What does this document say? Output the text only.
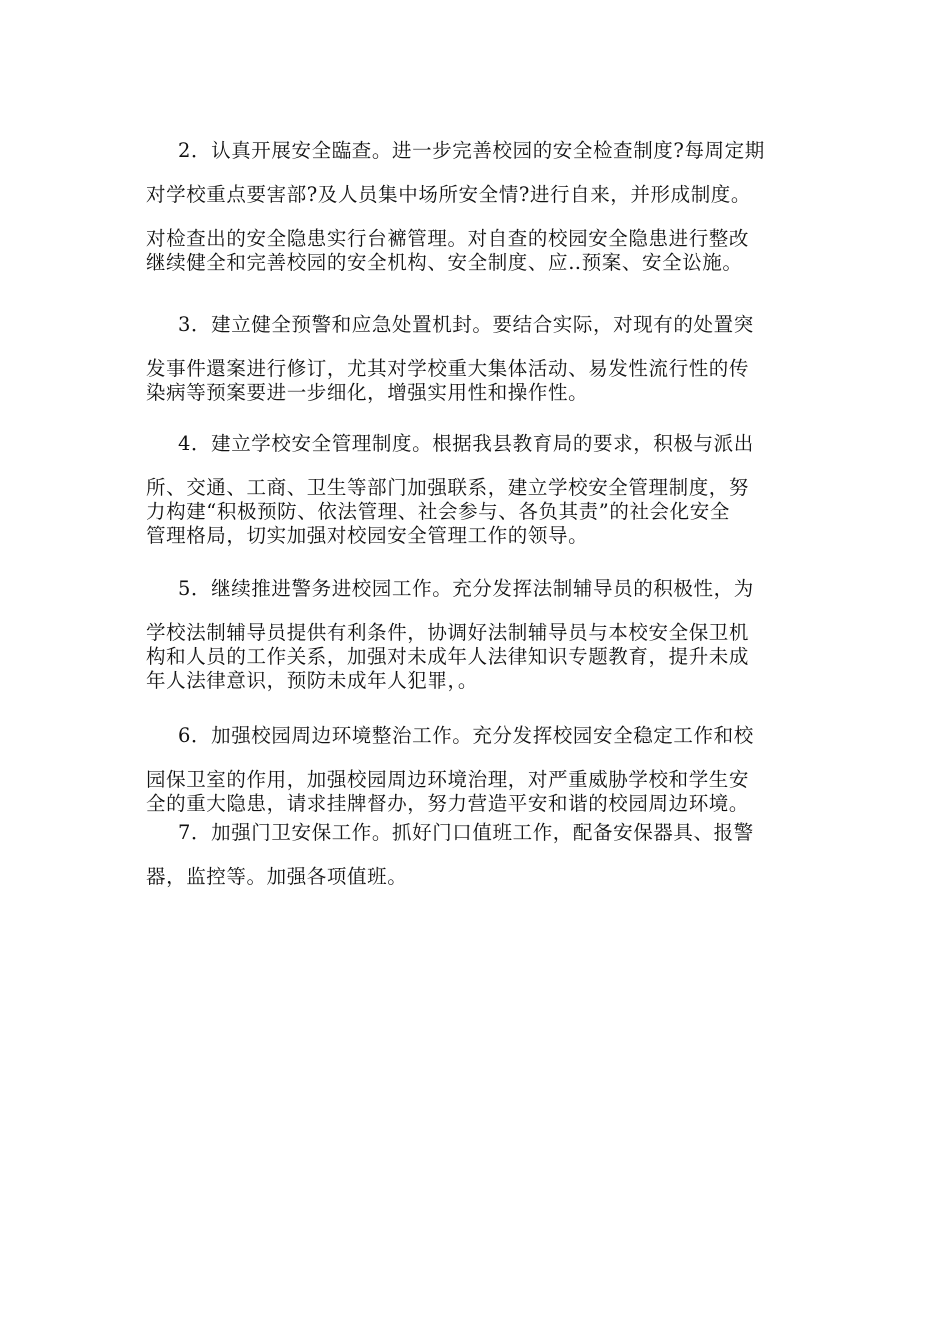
2．认真开展安全臨查。进一步完善校园的安全检查制度?每周定期
对学校重点要害部?及人员集中场所安全情?进行自来，并形成制度。
对检查出的安全隐患实行台褯管理。对自查的校园安全隐患进行整改
继续健全和完善校园的安全机构、安全制度、应‥预案、安全讼施。
3．建立健全预警和应急处置机封。要结合实际，对现有的处置突
发事件還案进行修订，尤其对学校重大集体活动、易发性流行性的传
染病等预案要进一步细化，增强实用性和操作性。
4．建立学校安全管理制度。根据我县教育局的要求，积极与派出
所、交通、工商、卫生等部门加强联系，建立学校安全管理制度，努
力构建“积极预防、依法管理、社会参与、各负其责”的社会化安全
管理格局，切实加强对校园安全管理工作的领导。
5．继续推进警务进校园工作。充分发挥法制辅导员的积极性，为
学校法制辅导员提供有利条件，协调好法制辅导员与本校安全保卫机
构和人员的工作关系，加强对未成年人法律知识专题教育，提升未成
年人法律意识，预防未成年人犯罪，。
6．加强校园周边环境整治工作。充分发挥校园安全稳定工作和校
园保卫室的作用，加强校园周边环境治理，对严重威胁学校和学生安
全的重大隐患，请求挂牌督办，努力营造平安和谐的校园周边环境。
7．加强门卫安保工作。抓好门口值班工作，配备安保器具、报警
器，监控等。加强各项值班。
